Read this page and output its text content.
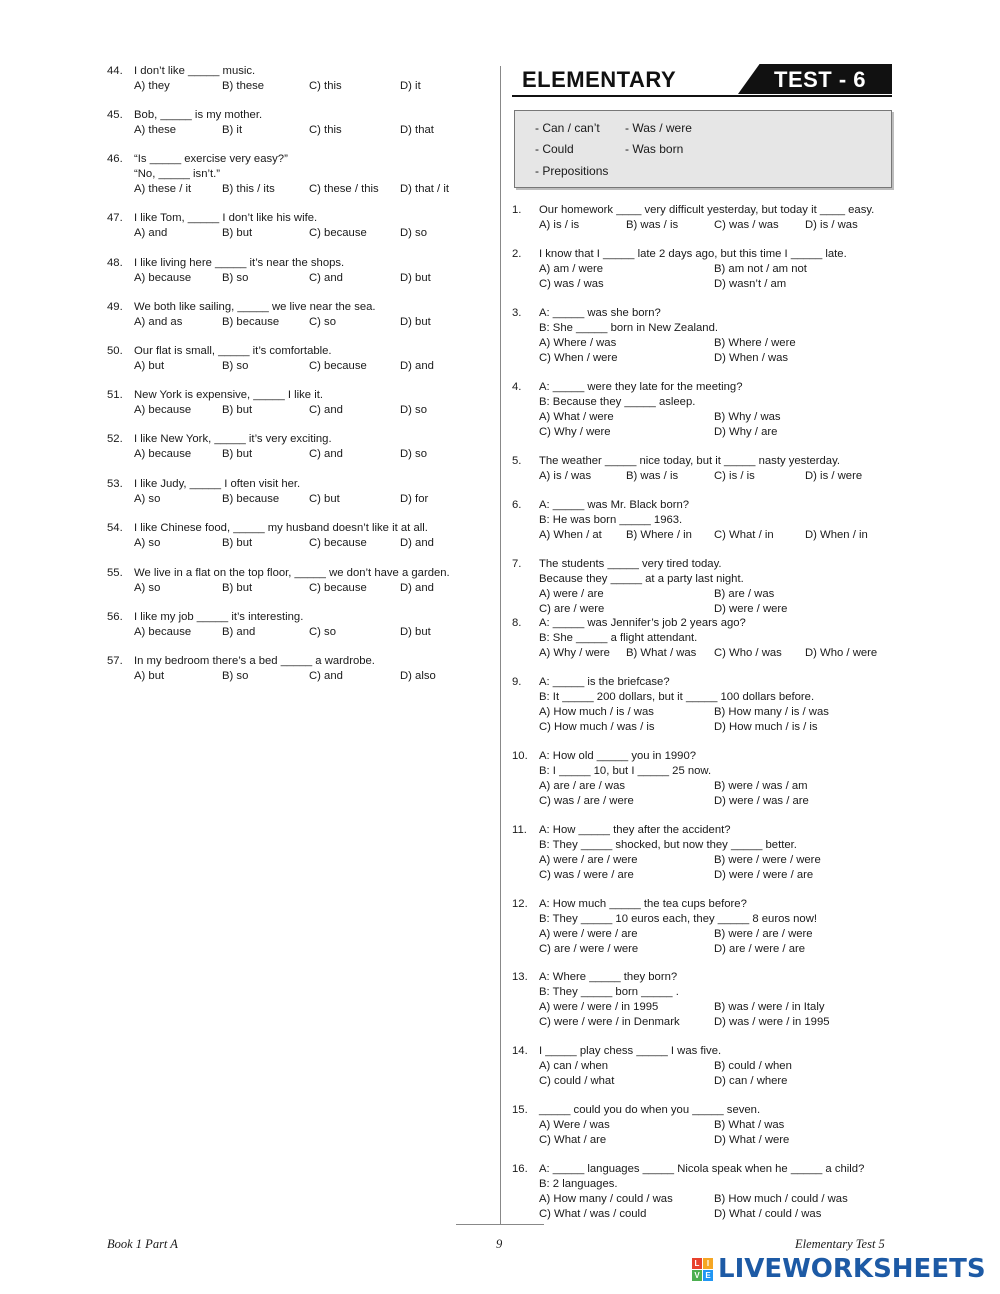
ELEMENTARY	TEST - 6
- Can / can’t - Was / were
- Could	- Was born
- Prepositions
44. I don’t like _____ music.
A) they	B) these	C) this	D) it
45. Bob, _____ is my mother.
A) these	B) it	C) this	D) that
46. “Is _____ exercise very easy?”
“No, _____ isn’t.”
A) these / it	B) this / its	C) these / this	D) that / it
47. I like Tom, _____ I don’t like his wife.
A) and	B) but	C) because	D) so
48. I like living here _____ it’s near the shops.
A) because	B) so	C) and	D) but
49. We both like sailing, _____ we live near the sea.
A) and as	B) because	C) so	D) but
50. Our flat is small, _____ it’s comfortable.
A) but	B) so	C) because	D) and
51. New York is expensive, _____ I like it.
A) because	B) but	C) and	D) so
52. I like New York, _____ it’s very exciting.
A) because	B) but	C) and	D) so
53. I like Judy, _____ I often visit her.
A) so	B) because	C) but	D) for
54. I like Chinese food, _____ my husband doesn’t like it at all.
A) so	B) but	C) because	D) and
55. We live in a flat on the top floor, _____ we don’t have a garden.
A) so	B) but	C) because	D) and
56. I like my job _____ it’s interesting.
A) because	B) and	C) so	D) but
57. In my bedroom there’s a bed _____ a wardrobe.
A) but	B) so	C) and	D) also
1. Our homework ____ very difficult yesterday, but today it ____ easy.
A) is / is	B) was / is	C) was / was	D) is / was
2. I know that I _____ late 2 days ago, but this time I _____ late.
A) am / were	B) am not / am not
C) was / was	D) wasn’t / am
3. A: _____ was she born?
B: She _____ born in New Zealand.
A) Where / was	B) Where / were
C) When / were	D) When / was
4. A: _____ were they late for the meeting?
B: Because they _____ asleep.
A) What / were	B) Why / was
C) Why / were	D) Why / are
5. The weather _____ nice today, but it _____ nasty yesterday.
A) is / was	B) was / is	C) is / is	D) is / were
6. A: _____ was Mr. Black born?
B: He was born _____ 1963.
A) When / at	B) Where / in	C) What / in	D) When / in
7. The students _____ very tired today.
Because they _____ at a party last night.
A) were / are	B) are / was
C) are / were	D) were / were
8. A: _____ was Jennifer’s job 2 years ago?
B: She _____ a flight attendant.
A) Why / were	B) What / was	C) Who / was	D) Who / were
9. A: _____ is the briefcase?
B: It _____ 200 dollars, but it _____ 100 dollars before.
A) How much / is / was	B) How many / is / was
C) How much / was / is	D) How much / is / is
10. A: How old _____ you in 1990?
B: I _____ 10, but I _____ 25 now.
A) are / are / was	B) were / was / am
C) was / are / were	D) were / was / are
11. A: How _____ they after the accident?
B: They _____ shocked, but now they _____ better.
A) were / are / were	B) were / were / were
C) was / were / are	D) were / were / are
12. A: How much _____ the tea cups before?
B: They _____ 10 euros each, they _____ 8 euros now!
A) were / were / are	B) were / are / were
C) are / were / were	D) are / were / are
13. A: Where _____ they born?
B: They _____ born _____ .
A) were / were / in 1995	B) was / were / in Italy
C) were / were / in Denmark	D) was / were / in 1995
14. I _____ play chess _____ I was five.
A) can / when	B) could / when
C) could / what	D) can / where
15. _____ could you do when you _____ seven.
A) Were / was	B) What / was
C) What / are	D) What / were
16. A: _____ languages _____ Nicola speak when he _____ a child?
B: 2 languages.
A) How many / could / was	B) How much / could / was
C) What / was / could	D) What / could / was
Book 1 Part A	9	Elementary Test 5
L I
V E LIVEWORKSHEETS
